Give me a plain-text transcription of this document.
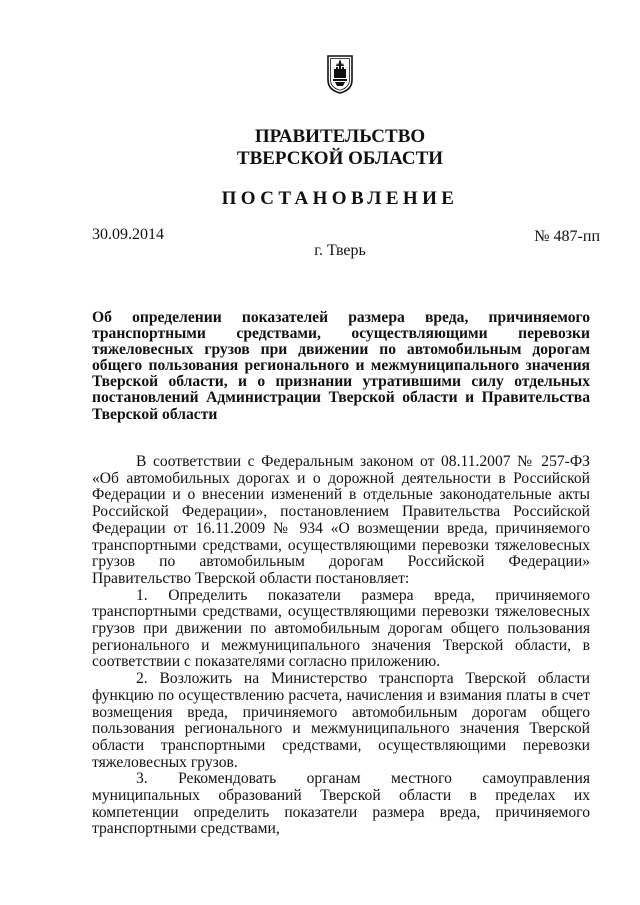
ПРАВИТЕЛЬСТВО
ТВЕРСКОЙ ОБЛАСТИ
ПОСТАНОВЛЕНИЕ
30.09.2014	№ 487-пп
г. Тверь
Об определении показателей размера вреда, причиняемого транспортными средствами, осуществляющими перевозки тяжеловесных грузов при движении по автомобильным дорогам общего пользования регионального и межмуниципального значения Тверской области, и о признании утратившими силу отдельных постановлений Администрации Тверской области и Правительства Тверской области

В соответствии с Федеральным законом от 08.11.2007 № 257-ФЗ «Об автомобильных дорогах и о дорожной деятельности в Российской Федерации и о внесении изменений в отдельные законодательные акты Российской Федерации», постановлением Правительства Российской Федерации от 16.11.2009 № 934 «О возмещении вреда, причиняемого транспортными средствами, осуществляющими перевозки тяжеловесных грузов по автомобильным дорогам Российской Федерации» Правительство Тверской области постановляет:

1. Определить показатели размера вреда, причиняемого транспортными средствами, осуществляющими перевозки тяжеловесных грузов при движении по автомобильным дорогам общего пользования регионального и межмуниципального значения Тверской области, в соответствии с показателями согласно приложению.

2. Возложить на Министерство транспорта Тверской области функцию по осуществлению расчета, начисления и взимания платы в счет возмещения вреда, причиняемого автомобильным дорогам общего пользования регионального и межмуниципального значения Тверской области транспортными средствами, осуществляющими перевозки тяжеловесных грузов.

3. Рекомендовать органам местного самоуправления муниципальных образований Тверской области в пределах их компетенции определить показатели размера вреда, причиняемого транспортными средствами,
